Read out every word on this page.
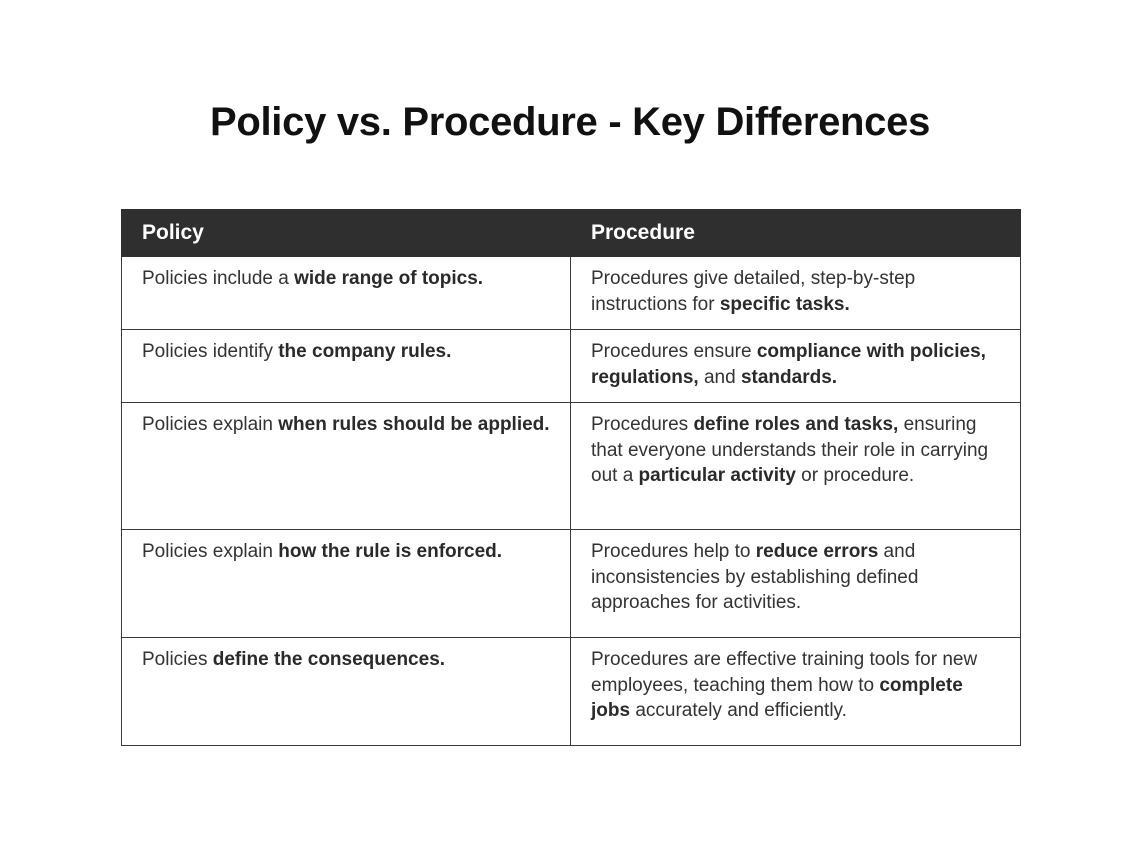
Policy vs. Procedure - Key Differences
Policy	Procedure
Policies include a wide range of topics.	Procedures give detailed, step-by-step instructions for specific tasks.
Policies identify the company rules.	Procedures ensure compliance with policies, regulations, and standards.
Policies explain when rules should be applied.	Procedures define roles and tasks, ensuring that everyone understands their role in carrying out a particular activity or procedure.
Policies explain how the rule is enforced.	Procedures help to reduce errors and inconsistencies by establishing defined approaches for activities.
Policies define the consequences.	Procedures are effective training tools for new employees, teaching them how to complete jobs accurately and efficiently.
